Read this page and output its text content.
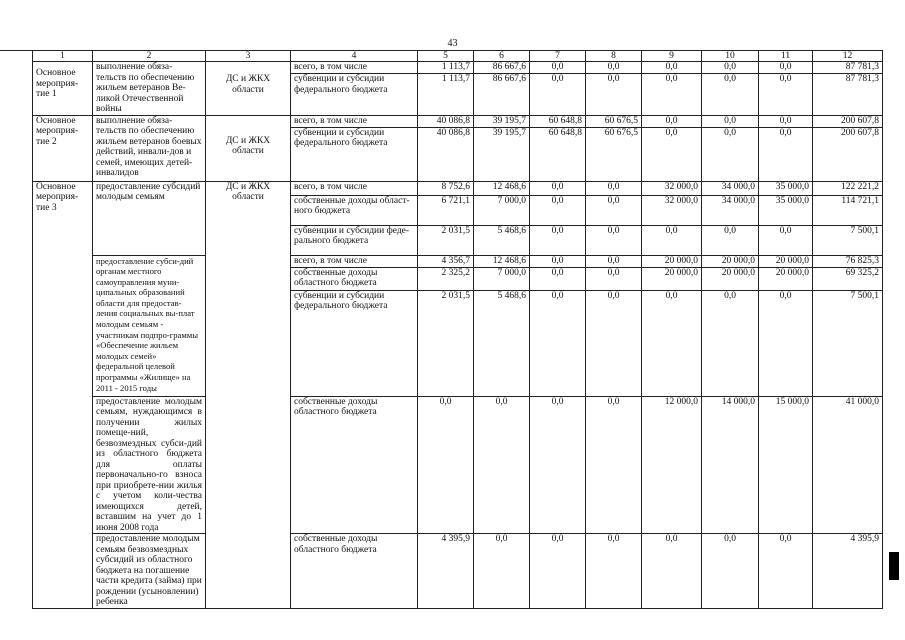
43
1	2	3	4	5	6	7	8	9	10	11	12
Основное мероприя-тие 1	выполнение обяза-тельств по обеспечению жильем ветеранов Ве-ликой Отечественной войны	ДС и ЖКХ области	всего, в том числе	1 113,7	86 667,6	0,0	0,0	0,0	0,0	0,0	87 781,3
			субвенции и субсидии федерального бюджета	1 113,7	86 667,6	0,0	0,0	0,0	0,0	0,0	87 781,3
Основное мероприя-тие 2	выполнение обяза-тельств по обеспечению жильем ветеранов боевых действий, инвали-дов и семей, имеющих детей-инвалидов	ДС и ЖКХ области	всего, в том числе	40 086,8	39 195,7	60 648,8	60 676,5	0,0	0,0	0,0	200 607,8
			субвенции и субсидии федерального бюджета	40 086,8	39 195,7	60 648,8	60 676,5	0,0	0,0	0,0	200 607,8
Основное мероприя-тие 3	предоставление субсидий молодым семьям	ДС и ЖКХ области	всего, в том числе	8 752,6	12 468,6	0,0	0,0	32 000,0	34 000,0	35 000,0	122 221,2
			собственные доходы област-ного бюджета	6 721,1	7 000,0	0,0	0,0	32 000,0	34 000,0	35 000,0	114 721,1
			субвенции и субсидии феде-рального бюджета	2 031,5	5 468,6	0,0	0,0	0,0	0,0	0,0	7 500,1
	предоставление субси-дий органам местного самоуправления муни-ципальных образований области для предостав-ления социальных вы-плат молодым семьям - участникам подпро-граммы «Обеспечение жильем молодых семей» федеральной целевой программы «Жилище» на 2011 - 2015 годы		всего, в том числе	4 356,7	12 468,6	0,0	0,0	20 000,0	20 000,0	20 000,0	76 825,3
			собственные доходы областного бюджета	2 325,2	7 000,0	0,0	0,0	20 000,0	20 000,0	20 000,0	69 325,2
			субвенции и субсидии федерального бюджета	2 031,5	5 468,6	0,0	0,0	0,0	0,0	0,0	7 500,1
	предоставление молодым семьям, нуждающимся в получении жилых помеще-ний, безвозмездных субси-дий из областного бюджета для оплаты первоначально-го взноса при приобрете-нии жилья с учетом коли-чества имеющихся детей, вставшим на учет до 1 июня 2008 года		собственные доходы областного бюджета	0,0	0,0	0,0	0,0	12 000,0	14 000,0	15 000,0	41 000,0
	предоставление молодым семьям безвозмездных субсидий из областного бюджета на погашение части кредита (займа) при рождении (усыновлении) ребенка		собственные доходы областного бюджета	4 395,9	0,0	0,0	0,0	0,0	0,0	0,0	4 395,9
